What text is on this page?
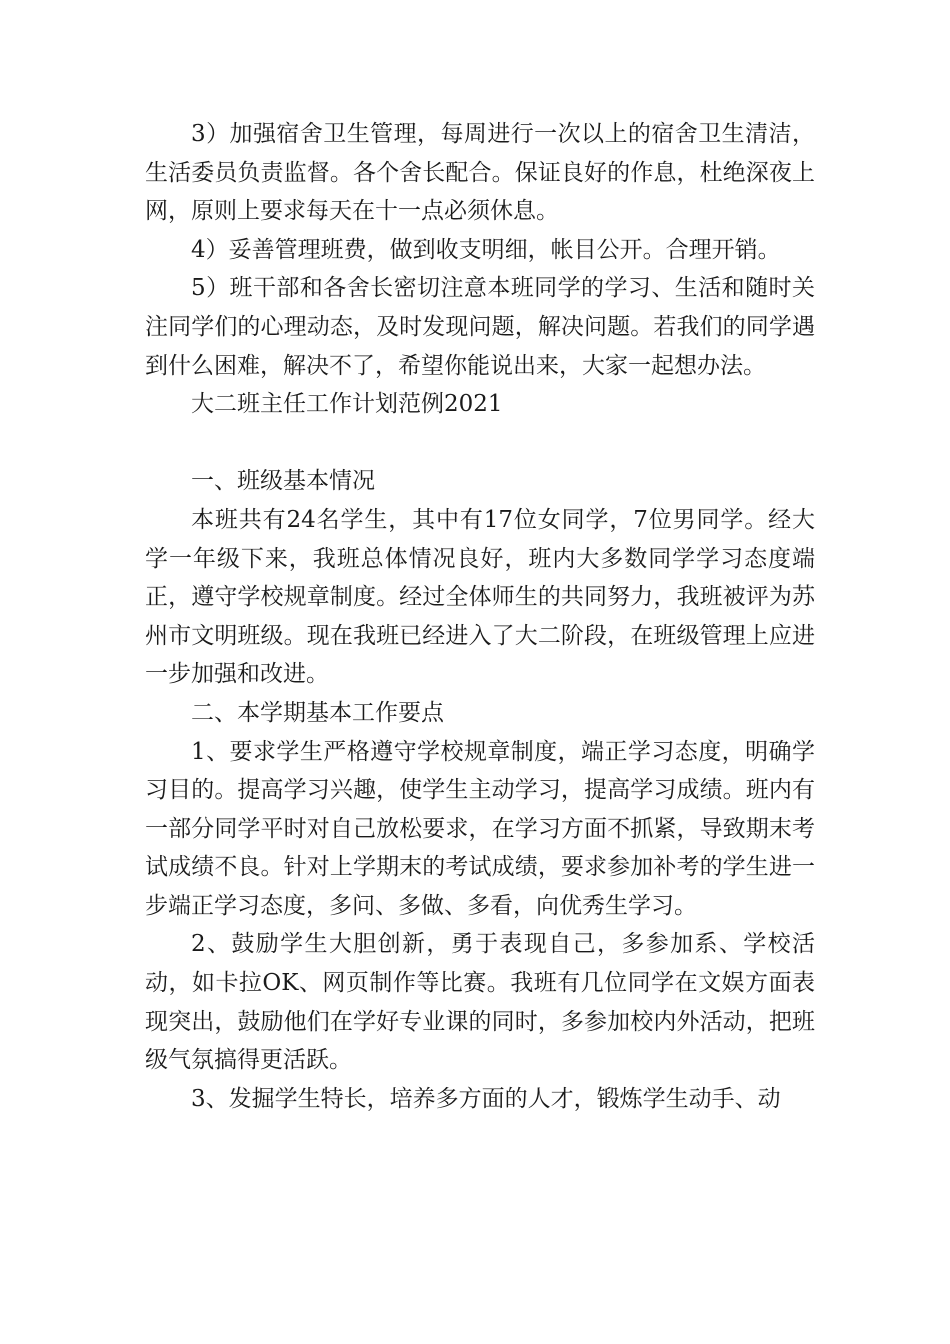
3）加强宿舍卫生管理，每周进行一次以上的宿舍卫生清洁，生活委员负责监督。各个舍长配合。保证良好的作息，杜绝深夜上网，原则上要求每天在十一点必须休息。

4）妥善管理班费，做到收支明细，帐目公开。合理开销。

5）班干部和各舍长密切注意本班同学的学习、生活和随时关注同学们的心理动态，及时发现问题，解决问题。若我们的同学遇到什么困难，解决不了，希望你能说出来，大家一起想办法。

大二班主任工作计划范例2021

一、班级基本情况

本班共有24名学生，其中有17位女同学，7位男同学。经大学一年级下来，我班总体情况良好，班内大多数同学学习态度端正，遵守学校规章制度。经过全体师生的共同努力，我班被评为苏州市文明班级。现在我班已经进入了大二阶段，在班级管理上应进一步加强和改进。

二、本学期基本工作要点

1、要求学生严格遵守学校规章制度，端正学习态度，明确学习目的。提高学习兴趣，使学生主动学习，提高学习成绩。班内有一部分同学平时对自己放松要求，在学习方面不抓紧，导致期末考试成绩不良。针对上学期末的考试成绩，要求参加补考的学生进一步端正学习态度，多问、多做、多看，向优秀生学习。

2、鼓励学生大胆创新，勇于表现自己，多参加系、学校活动，如卡拉OK、网页制作等比赛。我班有几位同学在文娱方面表现突出，鼓励他们在学好专业课的同时，多参加校内外活动，把班级气氛搞得更活跃。

3、发掘学生特长，培养多方面的人才，锻炼学生动手、动
